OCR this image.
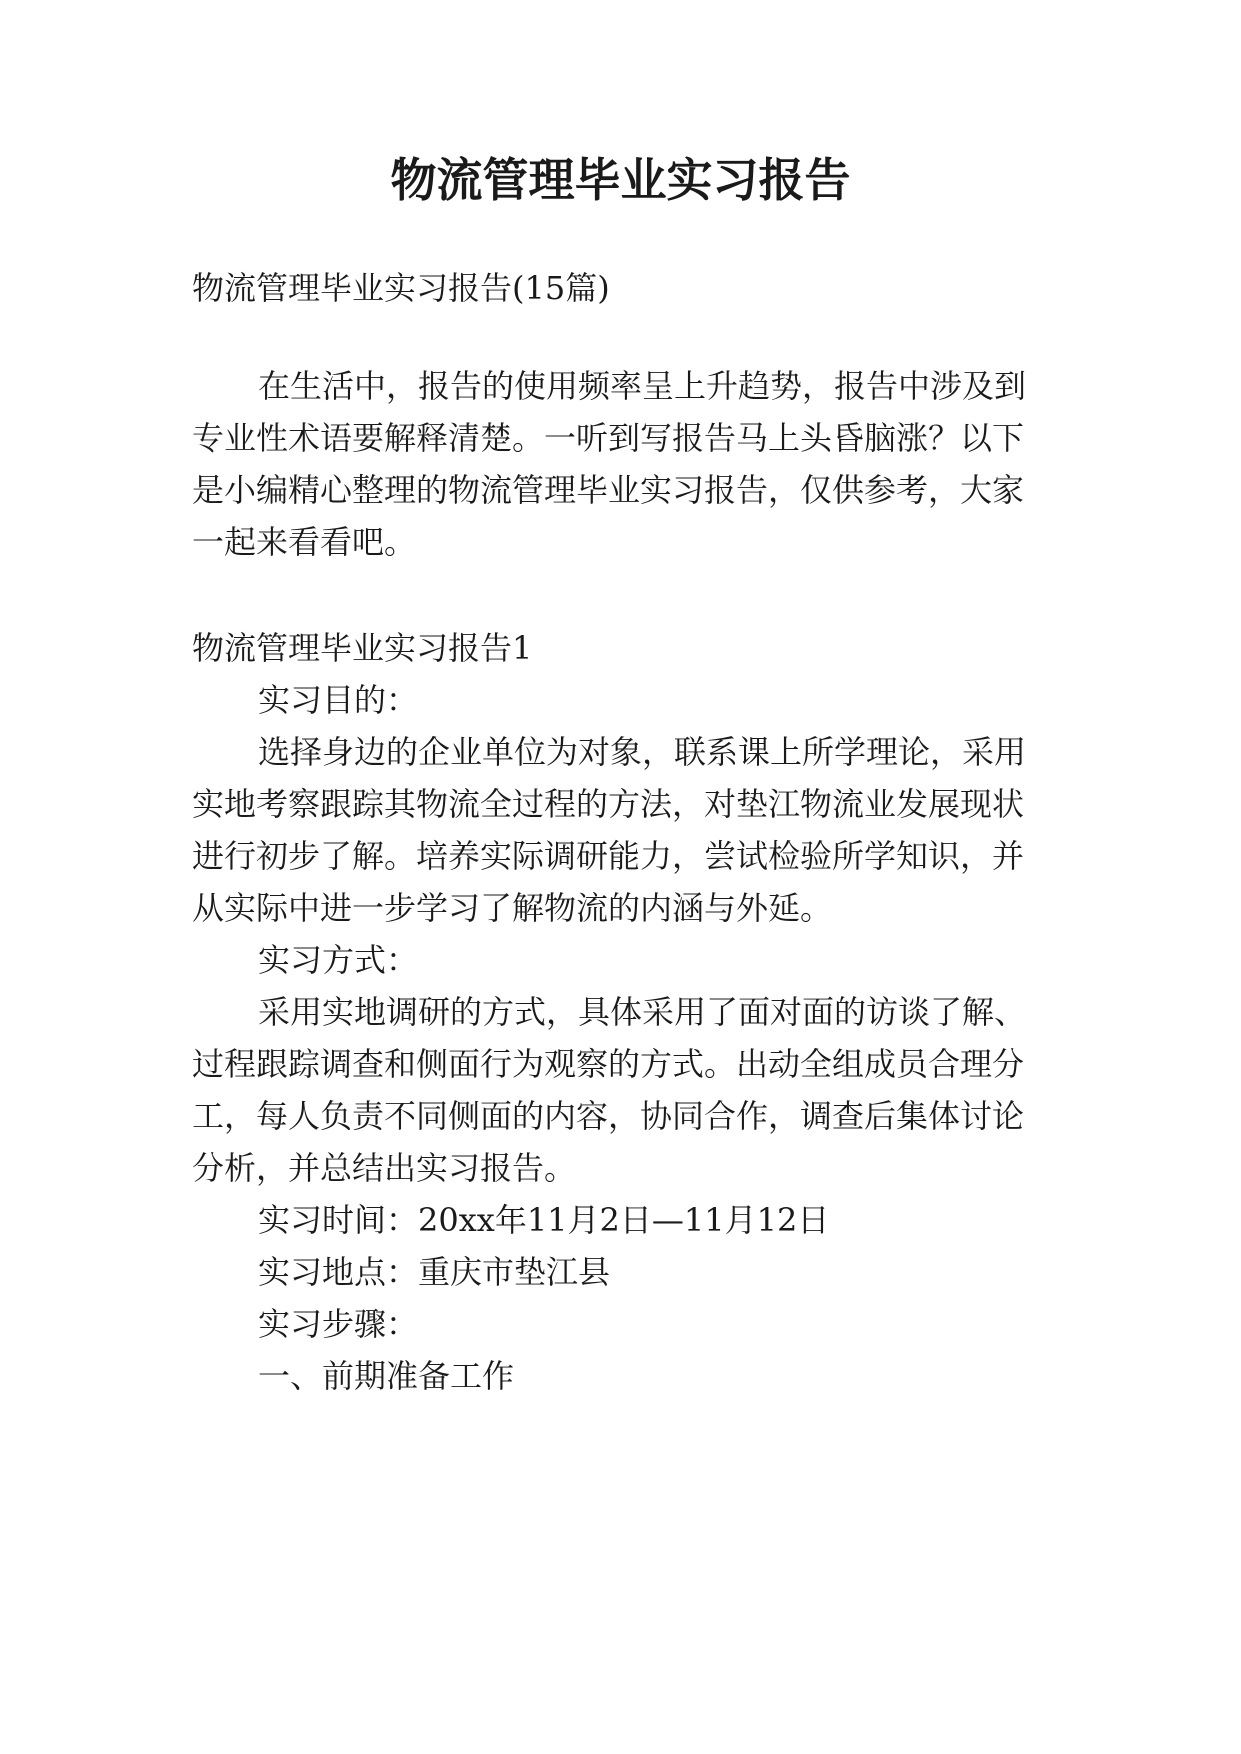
物流管理毕业实习报告

物流管理毕业实习报告(15篇)

在生活中，报告的使用频率呈上升趋势，报告中涉及到

专业性术语要解释清楚。一听到写报告马上头昏脑涨？以下

是小编精心整理的物流管理毕业实习报告，仅供参考，大家

一起来看看吧。

物流管理毕业实习报告1

实习目的：

选择身边的企业单位为对象，联系课上所学理论，采用

实地考察跟踪其物流全过程的方法，对垫江物流业发展现状

进行初步了解。培养实际调研能力，尝试检验所学知识，并

从实际中进一步学习了解物流的内涵与外延。

实习方式：

采用实地调研的方式，具体采用了面对面的访谈了解、

过程跟踪调查和侧面行为观察的方式。出动全组成员合理分

工，每人负责不同侧面的内容，协同合作，调查后集体讨论

分析，并总结出实习报告。

实习时间：20xx年11月2日—11月12日

实习地点：重庆市垫江县

实习步骤：

一、前期准备工作
